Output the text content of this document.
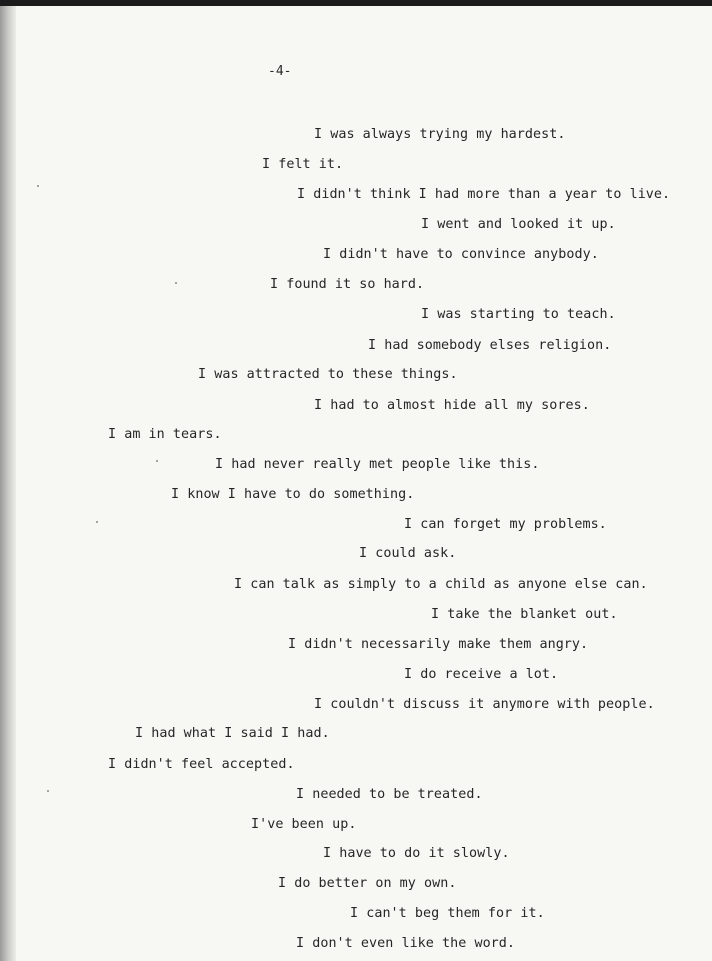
-4-
I was always trying my hardest.
I felt it.
I didn't think I had more than a year to live.
I went and looked it up.
I didn't have to convince anybody.
I found it so hard.
I was starting to teach.
I had somebody elses religion.
I was attracted to these things.
I had to almost hide all my sores.
I am in tears.
I had never really met people like this.
I know I have to do something.
I can forget my problems.
I could ask.
I can talk as simply to a child as anyone else can.
I take the blanket out.
I didn't necessarily make them angry.
I do receive a lot.
I couldn't discuss it anymore with people.
I had what I said I had.
I didn't feel accepted.
I needed to be treated.
I've been up.
I have to do it slowly.
I do better on my own.
I can't beg them for it.
I don't even like the word.
